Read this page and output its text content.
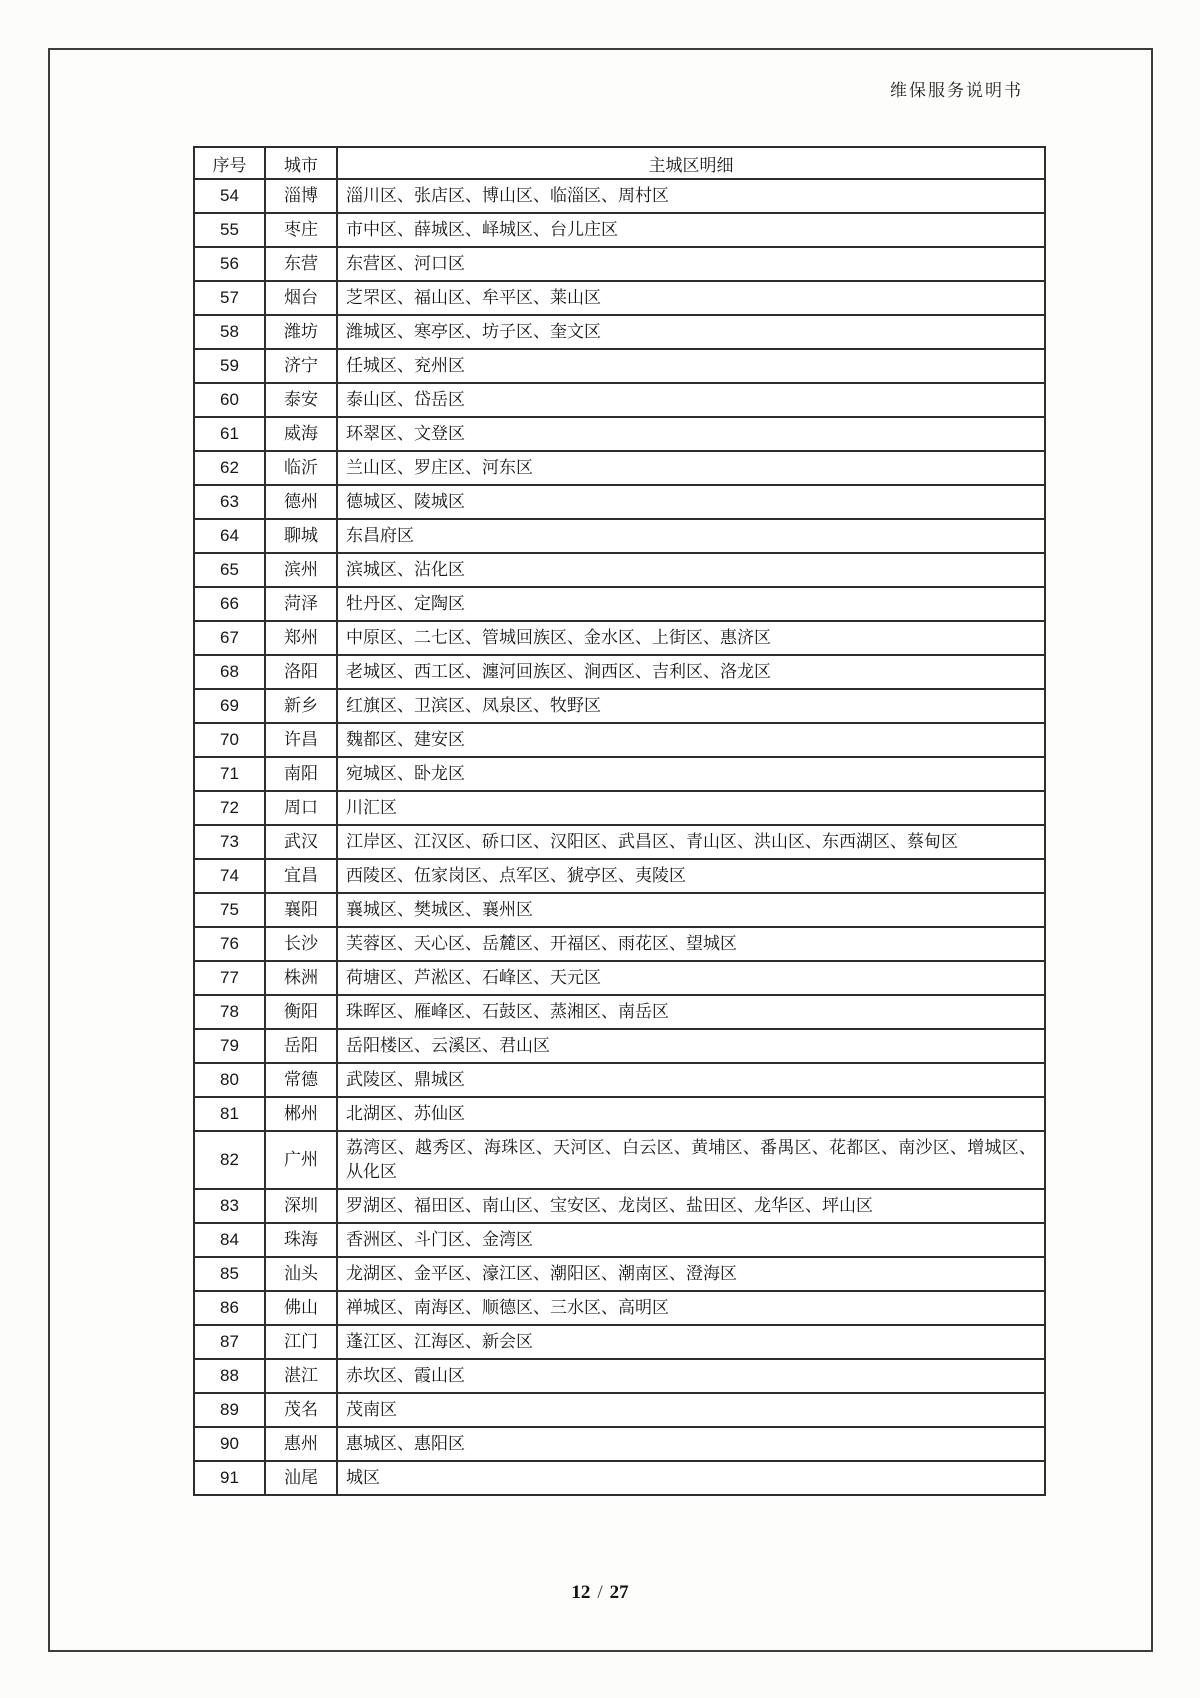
维保服务说明书
序号	城市	主城区明细
54	淄博	淄川区、张店区、博山区、临淄区、周村区
55	枣庄	市中区、薛城区、峄城区、台儿庄区
56	东营	东营区、河口区
57	烟台	芝罘区、福山区、牟平区、莱山区
58	潍坊	潍城区、寒亭区、坊子区、奎文区
59	济宁	任城区、兖州区
60	泰安	泰山区、岱岳区
61	威海	环翠区、文登区
62	临沂	兰山区、罗庄区、河东区
63	德州	德城区、陵城区
64	聊城	东昌府区
65	滨州	滨城区、沾化区
66	菏泽	牡丹区、定陶区
67	郑州	中原区、二七区、管城回族区、金水区、上街区、惠济区
68	洛阳	老城区、西工区、瀍河回族区、涧西区、吉利区、洛龙区
69	新乡	红旗区、卫滨区、凤泉区、牧野区
70	许昌	魏都区、建安区
71	南阳	宛城区、卧龙区
72	周口	川汇区
73	武汉	江岸区、江汉区、硚口区、汉阳区、武昌区、青山区、洪山区、东西湖区、蔡甸区
74	宜昌	西陵区、伍家岗区、点军区、猇亭区、夷陵区
75	襄阳	襄城区、樊城区、襄州区
76	长沙	芙蓉区、天心区、岳麓区、开福区、雨花区、望城区
77	株洲	荷塘区、芦淞区、石峰区、天元区
78	衡阳	珠晖区、雁峰区、石鼓区、蒸湘区、南岳区
79	岳阳	岳阳楼区、云溪区、君山区
80	常德	武陵区、鼎城区
81	郴州	北湖区、苏仙区
82	广州	荔湾区、越秀区、海珠区、天河区、白云区、黄埔区、番禺区、花都区、南沙区、增城区、从化区
83	深圳	罗湖区、福田区、南山区、宝安区、龙岗区、盐田区、龙华区、坪山区
84	珠海	香洲区、斗门区、金湾区
85	汕头	龙湖区、金平区、濠江区、潮阳区、潮南区、澄海区
86	佛山	禅城区、南海区、顺德区、三水区、高明区
87	江门	蓬江区、江海区、新会区
88	湛江	赤坎区、霞山区
89	茂名	茂南区
90	惠州	惠城区、惠阳区
91	汕尾	城区
12 / 27
